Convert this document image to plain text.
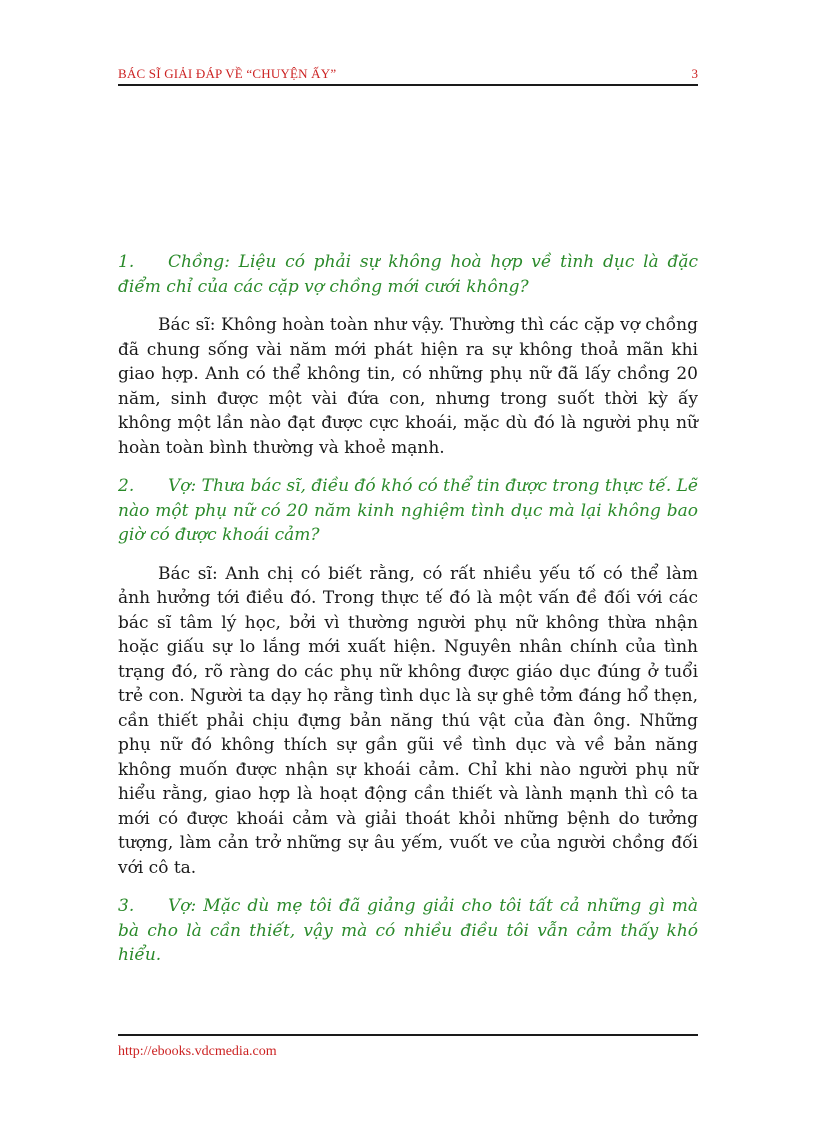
BÁC SĨ GIẢI ĐÁP VỀ “CHUYỆN ẤY”	3

1. Chồng: Liệu có phải sự không hoà hợp về tình dục là đặc điểm chỉ của các cặp vợ chồng mới cưới không?

Bác sĩ: Không hoàn toàn như vậy. Thường thì các cặp vợ chồng đã chung sống vài năm mới phát hiện ra sự không thoả mãn khi giao hợp. Anh có thể không tin, có những phụ nữ đã lấy chồng 20 năm, sinh được một vài đứa con, nhưng trong suốt thời kỳ ấy không một lần nào đạt được cực khoái, mặc dù đó là người phụ nữ hoàn toàn bình thường và khoẻ mạnh.

2. Vợ: Thưa bác sĩ, điều đó khó có thể tin được trong thực tế. Lẽ nào một phụ nữ có 20 năm kinh nghiệm tình dục mà lại không bao giờ có được khoái cảm?

Bác sĩ: Anh chị có biết rằng, có rất nhiều yếu tố có thể làm ảnh hưởng tới điều đó. Trong thực tế đó là một vấn đề đối với các bác sĩ tâm lý học, bởi vì thường người phụ nữ không thừa nhận hoặc giấu sự lo lắng mới xuất hiện. Nguyên nhân chính của tình trạng đó, rõ ràng do các phụ nữ không được giáo dục đúng ở tuổi trẻ con. Người ta dạy họ rằng tình dục là sự ghê tởm đáng hổ thẹn, cần thiết phải chịu đựng bản năng thú vật của đàn ông. Những phụ nữ đó không thích sự gần gũi về tình dục và về bản năng không muốn được nhận sự khoái cảm. Chỉ khi nào người phụ nữ hiểu rằng, giao hợp là hoạt động cần thiết và lành mạnh thì cô ta mới có được khoái cảm và giải thoát khỏi những bệnh do tưởng tượng, làm cản trở những sự âu yếm, vuốt ve của người chồng đối với cô ta.

3. Vợ: Mặc dù mẹ tôi đã giảng giải cho tôi tất cả những gì mà bà cho là cần thiết, vậy mà có nhiều điều tôi vẫn cảm thấy khó hiểu.

http://ebooks.vdcmedia.com
